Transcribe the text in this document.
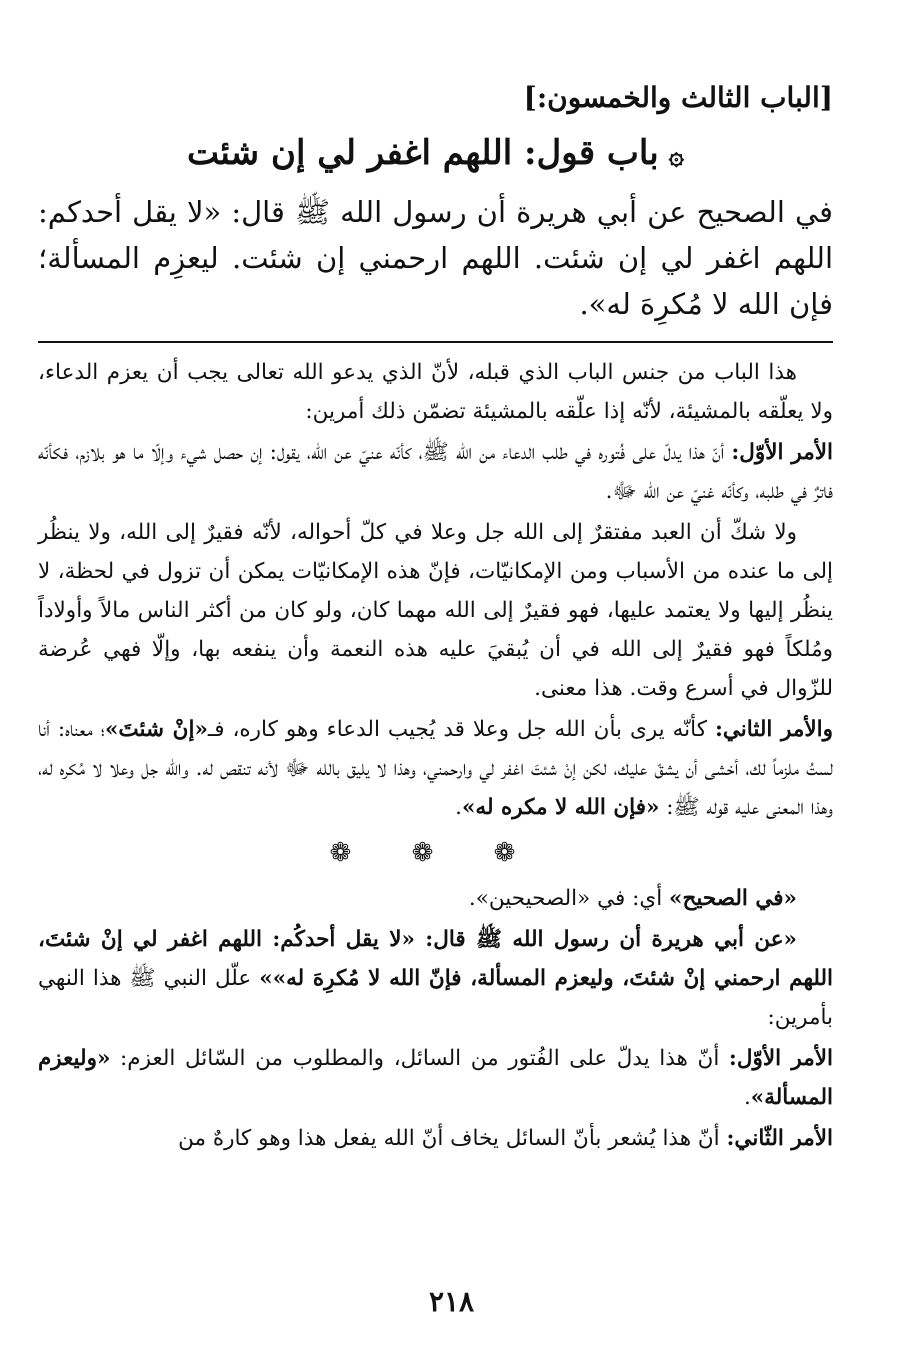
[الباب الثالث والخمسون:]
۞باب قول: اللهم اغفر لي إن شئت

في الصحيح عن أبي هريرة أن رسول الله ﷺ قال: «لا يقل أحدكم: اللهم اغفر لي إن شئت. اللهم ارحمني إن شئت. ليعزِم المسألة؛ فإن الله لا مُكرِهَ له».

هذا الباب من جنس الباب الذي قبله، لأنّ الذي يدعو الله تعالى يجب أن يعزم الدعاء، ولا يعلّقه بالمشيئة، لأنّه إذا علّقه بالمشيئة تضمّن ذلك أمرين:

الأمر الأوّل: أنّ هذا يدلّ على فُتوره في طلب الدعاء من الله ﷺ، كأنّه عنيّ عن الله، يقول: إن حصل شيء وإلّا ما هو بلازم، فكأنّه فاترٌ في طلبه، وكأنّه غنيّ عن الله ﷻ.

ولا شكّ أن العبد مفتقرٌ إلى الله جل وعلا في كلّ أحواله، لأنّه فقيرٌ إلى الله، ولا ينظُر إلى ما عنده من الأسباب ومن الإمكانيّات، فإنّ هذه الإمكانيّات يمكن أن تزول في لحظة، لا ينظُر إليها ولا يعتمد عليها، فهو فقيرٌ إلى الله مهما كان، ولو كان من أكثر الناس مالاً وأولاداً ومُلكاً فهو فقيرٌ إلى الله في أن يُبقيَ عليه هذه النعمة وأن ينفعه بها، وإلّا فهي عُرضة للزّوال في أسرع وقت. هذا معنى.

والأمر الثاني: كأنّه يرى بأن الله جل وعلا قد يُجيب الدعاء وهو كاره، فـ«إنْ شئتَ»؛ معناه: أنا لستُ ملزماً لك، أخشى أن يشقّ عليك، لكن إنْ شئتَ اغفر لي وارحمني، وهذا لا يليق بالله ﷻ لأنه تنقص له. والله جل وعلا لا مُكره له، وهذا المعنى عليه قوله ﷺ: «فإن الله لا مكره له».

❁ ❁ ❁

«في الصحيح» أي: في «الصحيحين».

«عن أبي هريرة أن رسول الله ﷺ قال: «لا يقل أحدكُم: اللهم اغفر لي إنْ شئتَ، اللهم ارحمني إنْ شئتَ، وليعزم المسألة، فإنّ الله لا مُكرِهَ له»» علّل النبي ﷺ هذا النهي بأمرين:

الأمر الأوّل: أنّ هذا يدلّ على الفُتور من السائل، والمطلوب من السّائل العزم: «وليعزم المسألة».

الأمر الثّاني: أنّ هذا يُشعر بأنّ السائل يخاف أنّ الله يفعل هذا وهو كارهٌ من

٢١٨
